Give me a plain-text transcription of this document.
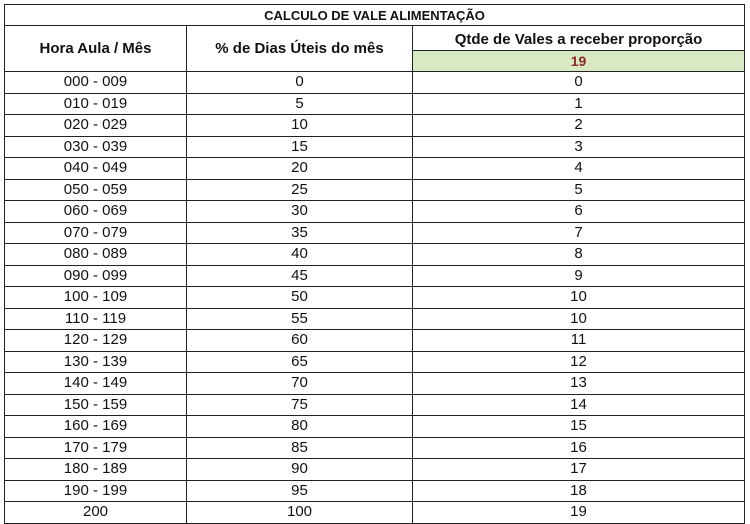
CALCULO DE VALE ALIMENTAÇÃO		
Hora Aula / Mês	% de Dias Úteis do mês	Qtde de Vales a receber proporção
		19
000 - 009	0	0
010 - 019	5	1
020 - 029	10	2
030 - 039	15	3
040 - 049	20	4
050 - 059	25	5
060 - 069	30	6
070 - 079	35	7
080 - 089	40	8
090 - 099	45	9
100 - 109	50	10
110 - 119	55	10
120 - 129	60	11
130 - 139	65	12
140 - 149	70	13
150 - 159	75	14
160 - 169	80	15
170 - 179	85	16
180 - 189	90	17
190 - 199	95	18
200	100	19
